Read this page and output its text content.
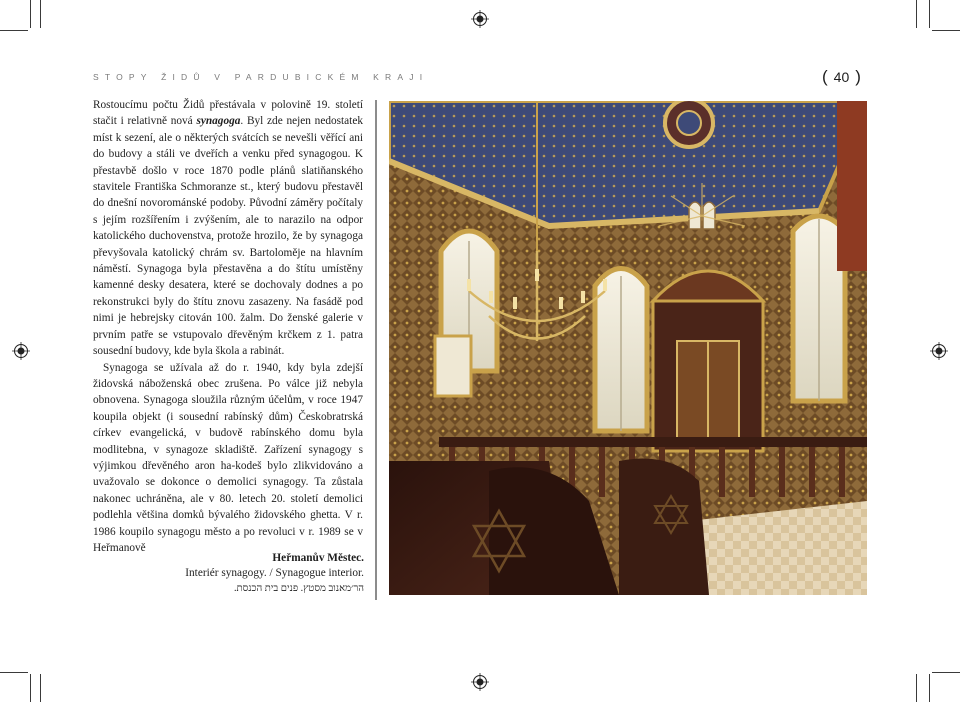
STOPY ŽIDŮ V PARDUBICKÉM KRAJI	( 40 )

Rostoucímu počtu Židů přestávala v polovině 19. století stačit i relativně nová synagoga. Byl zde nejen nedostatek míst k sezení, ale o některých svátcích se nevešli věřící ani do budovy a stáli ve dveřích a venku před synagogou. K přestavbě došlo v roce 1870 podle plánů slatiňanského stavitele Františka Schmoranze st., který budovu přestavěl do dnešní novorománské podoby. Původní záměry počítaly s jejím rozšířením i zvýšením, ale to narazilo na odpor katolického duchovenstva, protože hrozilo, že by synagoga převyšovala katolický chrám sv. Bartoloměje na hlavním náměstí. Synagoga byla přestavěna a do štítu umístěny kamenné desky desatera, které se dochovaly dodnes a po rekonstrukci byly do štítu znovu zasazeny. Na fasádě pod nimi je hebrejsky citován 100. žalm. Do ženské galerie v prvním patře se vstupovalo dřevěným krčkem z 1. patra sousední budovy, kde byla škola a rabinát.

Synagoga se užívala až do r. 1940, kdy byla zdejší židovská náboženská obec zrušena. Po válce již nebyla obnovena. Synagoga sloužila různým účelům, v roce 1947 koupila objekt (i sousední rabínský dům) Českobratrská církev evangelická, v budově rabínského domu byla modlitebna, v synagoze skladiště. Zařízení synagogy s výjimkou dřevěného aron ha-kodeš bylo zlikvidováno a uvažovalo se dokonce o demolici synagogy. Ta zůstala nakonec uchráněna, ale v 80. letech 20. století demolici podlehla většina domků bývalého židovského ghetta. V r. 1986 koupilo synagogu město a po revoluci v r. 1989 se v Heřmanově

Heřmanův Městec.
Interiér synagogy. / Synagogue interior.
הר׳מאנוב מסטץ. פנים בית הכנסת.
